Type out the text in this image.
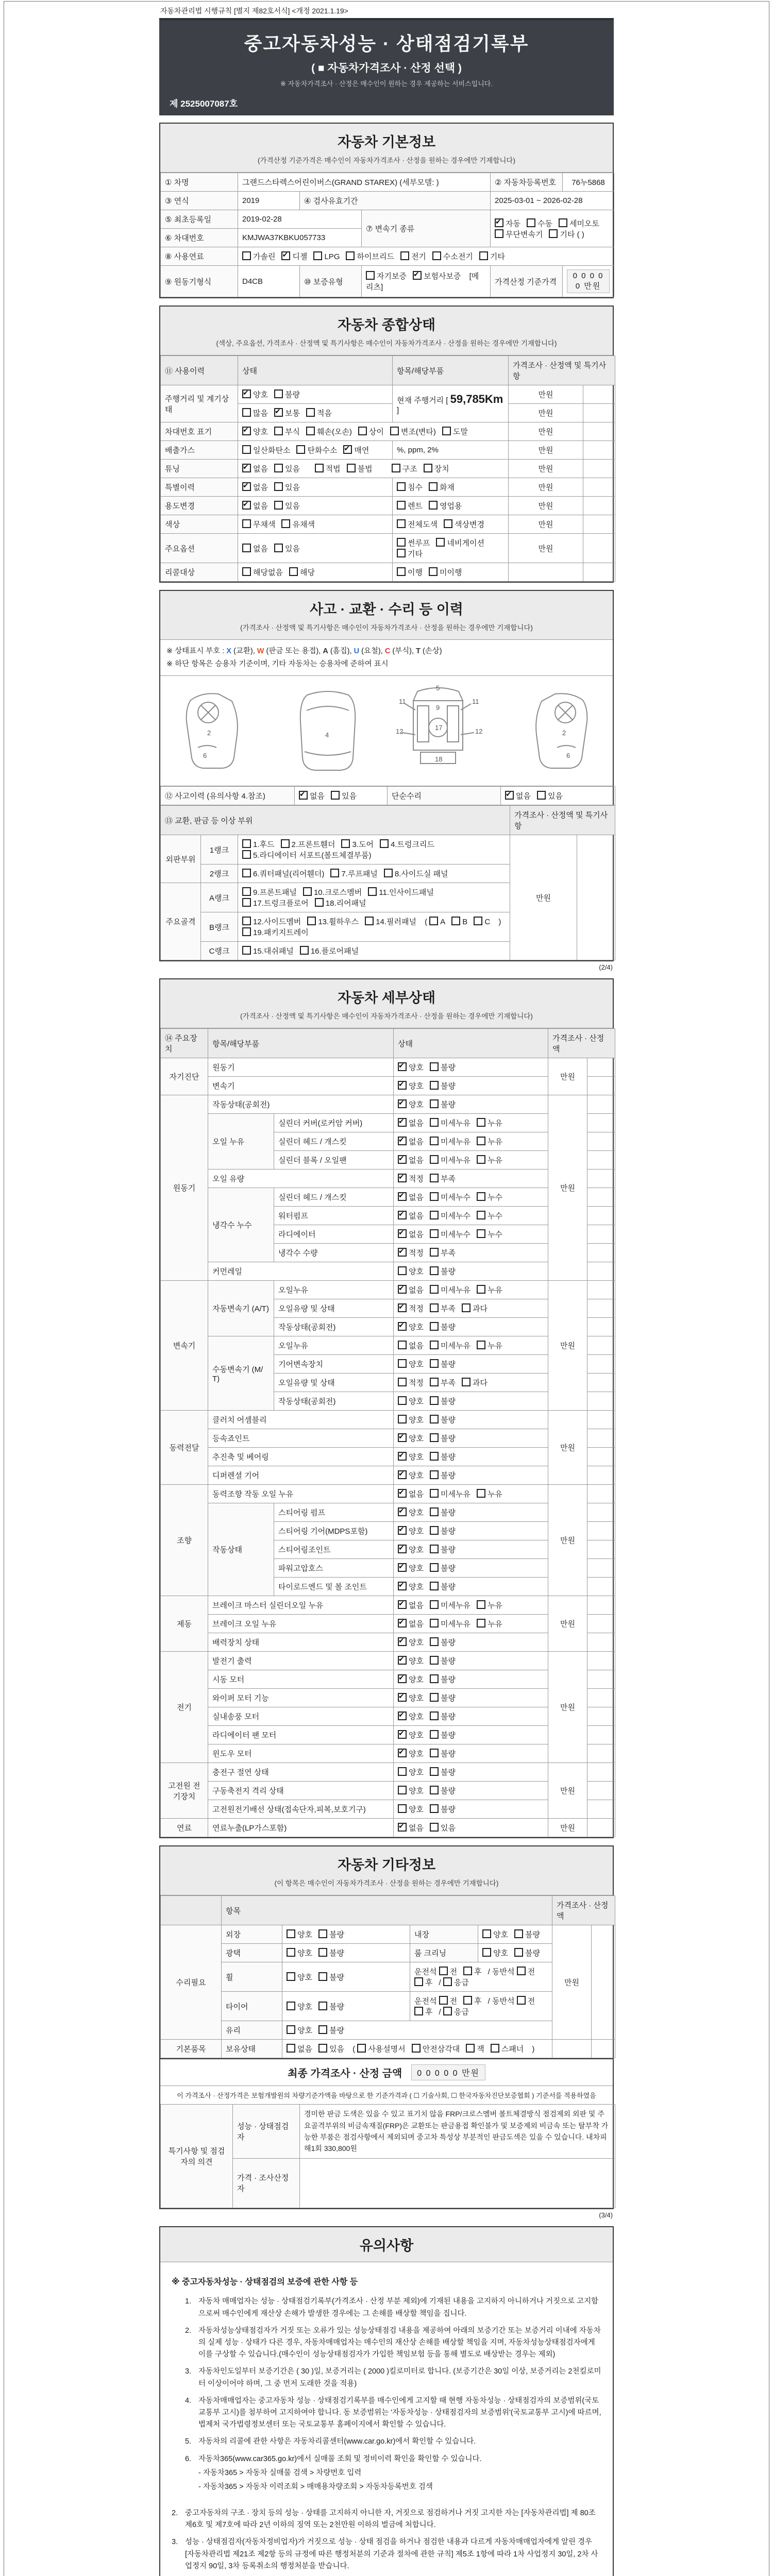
자동차관리법 시행규칙 [별지 제82호서식] <개정 2021.1.19>
중고자동차성능 · 상태점검기록부
( ■ 자동차가격조사 · 산정 선택 )
※ 자동차가격조사 · 산정은 매수인이 원하는 경우 제공하는 서비스입니다.
제 2525007087호
자동차 기본정보
(가격산정 기준가격은 매수인이 자동차가격조사 · 산정을 원하는 경우에만 기재합니다)
① 차명	그랜드스타렉스어린이버스(GRAND STAREX) (세부모델: )			② 자동차등록번호	76누5868
③ 연식	2019	④ 검사유효기간		2025-03-01 ~ 2026-02-28	
⑤ 최초등록일	2019-02-28		⑦ 변속기 종류	✔자동 수동 세미오토
무단변속기 기타 ( )
⑥ 차대번호	KMJWA37KBKU057733				
⑧ 사용연료	가솔린 ✔ 디젤 LPG 하이브리드 전기 수소전기 기타
⑨ 원동기형식	D4CB	⑩ 보증유형	자기보증 ✔ 보험사보증 [메리츠]	가격산정 기준가격	0 0 0 0 0 만원
자동차 종합상태
(색상, 주요옵션, 가격조사 · 산정액 및 특기사항은 매수인이 자동차가격조사 · 산정을 원하는 경우에만 기재합니다)
⑪ 사용이력	상태	항목/해당부품	가격조사 · 산정액 및 특기사항	
주행거리 및 계기상태	✔양호 불량	현재 주행거리 [ 59,785Km ]	만원	
	많음 ✔ 보통 적음		만원	
차대번호 표기	✔양호 부식 훼손(오손) 상이 변조(변타) 도말		만원	
배출가스	일산화탄소 탄화수소 ✔ 매연	%, ppm, 2%	만원	
튜닝	✔없음 있음 적법 불법 구조 장치		만원	
특별이력	✔없음 있음	침수 화재	만원	
용도변경	✔없음 있음	렌트 영업용	만원	
색상	무채색 유채색	전체도색 색상변경	만원	
주요옵션	없음 있음	썬루프 네비게이션기타	만원	
리콜대상	해당없음 해당	이행 미이행		
사고 · 교환 · 수리 등 이력
(가격조사 · 산정액 및 특기사항은 매수인이 자동차가격조사 · 산정을 원하는 경우에만 기재합니다)
※ 상태표시 부호 : X (교환), W (판금 또는 용접), A (흠집), U (요철), C (부식), T (손상)
※ 하단 항목은 승용차 기준이며, 기타 자동차는 승용차에 준하여 표시
2
6
4
5
9
11	11
12	12
17
18
2
6
⑫ 사고이력 (유의사항 4.참조)	✔없음 있음	단순수리	✔없음 있음
⑬ 교환, 판금 등 이상 부위			가격조사 · 산정액 및 특기사항	
외판부위	1랭크	1.후드 2.프론트휀더 3.도어 4.트렁크리드5.라디에이터 서포트(볼트체결부품)	만원	
	2랭크	6.쿼터패널(리어휀더) 7.루프패널 8.사이드실 패널		
주요골격	A랭크	9.프론트패널 10.크로스멤버 11.인사이드패널17.트렁크플로어 18.리어패널		
	B랭크	12.사이드멤버 13.휠하우스 14.필러패널 ( A B C )
19.패키지트레이		
	C랭크	15.대쉬패널 16.플로어패널		
(2/4)
자동차 세부상태
(가격조사 · 산정액 및 특기사항은 매수인이 자동차가격조사 · 산정을 원하는 경우에만 기재합니다)
⑭ 주요장치	항목/해당부품		상태	가격조사 · 산정액	
자기진단	원동기	✔양호 불량	만원	
	변속기	✔양호 불량	
원동기	작동상태(공회전)	✔양호 불량	만원	
	오일 누유	실린더 커버(로커암 커버)	✔없음 미세누유 누유	
		실린더 헤드 / 개스킷	✔없음 미세누유 누유	
		실린더 블록 / 오일팬	✔없음 미세누유 누유	
	오일 유량	✔적정 부족	
	냉각수 누수	실린더 헤드 / 개스킷	✔없음 미세누수 누수	
		워터펌프	✔없음 미세누수 누수	
		라디에이터	✔없음 미세누수 누수	
		냉각수 수량	✔적정 부족	
	커먼레일		양호 불량		
변속기	자동변속기 (A/T)	오일누유	✔없음 미세누유 누유	만원	
		오일유량 및 상태	✔적정 부족 과다	
		작동상태(공회전)	✔양호 불량	
	수동변속기 (M/T)	오일누유	없음 미세누유 누유		
		기어변속장치	양호 불량		
		오일유량 및 상태	적정 부족 과다		
		작동상태(공회전)	양호 불량		
동력전달	클러치 어셈블리		양호 불량	만원	
	등속죠인트	✔양호 불량	
	추진축 및 베어링	✔양호 불량	
	디퍼렌셜 기어	✔양호 불량	
조향	동력조향 작동 오일 누유	✔없음 미세누유 누유	만원	
	작동상태	스티어링 펌프	✔양호 불량	
		스티어링 기어(MDPS포함)	✔양호 불량	
		스티어링조인트	✔양호 불량	
		파워고압호스	✔양호 불량	
		타이로드엔드 및 볼 조인트	✔양호 불량	
제동	브레이크 마스터 실린더오일 누유	✔없음 미세누유 누유	만원	
	브레이크 오일 누유	✔없음 미세누유 누유	
	배력장치 상태	✔양호 불량	
전기	발전기 출력	✔양호 불량	만원	
	시동 모터	✔양호 불량	
	와이퍼 모터 기능	✔양호 불량	
	실내송풍 모터	✔양호 불량	
	라디에이터 팬 모터	✔양호 불량	
	윈도우 모터	✔양호 불량	
고전원 전기장치	충전구 절연 상태		양호 불량	만원	
	구동축전지 격리 상태		양호 불량		
	고전원전기배선 상태(접속단자,피복,보호기구)		양호 불량		
연료	연료누출(LP가스포함)	✔없음 있음	만원	
자동차 기타정보
(이 항목은 매수인이 자동차가격조사 · 산정을 원하는 경우에만 기재합니다)
	항목				가격조사 · 산정액	
수리필요	외장	양호 불량	내장	양호 불량	만원	
	광택	양호 불량	룸 크리닝	양호 불량		
	휠	양호 불량	운전석 전 후 / 동반석 전후 / 응급			
	타이어	양호 불량	운전석 전 후 / 동반석 전후 / 응급			
	유리	양호 불량				
기본품목	보유상태	없음 있음 ( 사용설명서 안전삼각대 잭 스패너 )				
최종 가격조사 · 산정 금액	0 0 0 0 0 만원
이 가격조사 · 산정가격은 보험개발원의 차량기준가액을 바탕으로 한 기준가격과 ( ☐ 기술사회, ☐ 한국자동차진단보증협회 ) 기준서를 적용하였음
특기사항 및 점검자의 의견	성능 · 상태점검자	경미한 판금 도색은 있을 수 있고 표기치 않음 FRP/크로스멤버 볼트체결방식 점검제외 외판 및 주요골격부위의 비금속재질(FRP)은 교환또는 판금용접 확인불가 및 보증제외 비금속 또는 탈부착 가능한 부품은 점검사항에서 제외되며 중고차 특성상 부분적인 판금도색은 있을 수 있습니다. 내차피해1회 330,800원
	가격 · 조사산정자	
(3/4)
유의사항
※ 중고자동차성능 · 상태점검의 보증에 관한 사항 등
1. 자동차 매매업자는 성능 · 상태점검기록부(가격조사 · 산정 부분 제외)에 기재된 내용을 고지하지 아니하거나 거짓으로 고지함으로써 매수인에게 재산상 손해가 발생한 경우에는 그 손해를 배상할 책임을 집니다.
2. 자동차성능상태점검자가 거짓 또는 오류가 있는 성능상태점검 내용을 제공하여 아래의 보증기간 또는 보증거리 이내에 자동차의 실제 성능 · 상태가 다른 경우, 자동차매매업자는 매수인의 재산상 손해를 배상할 책임을 지며, 자동차성능상태점검자에게 이를 구상할 수 있습니다.(매수인이 성능상태점검자가 가입한 책임보험 등을 통해 별도로 배상받는 경우는 제외)
3. 자동차인도일부터 보증기간은 ( 30 )일, 보증거리는 ( 2000 )킬로미터로 합니다. (보증기간은 30일 이상, 보증거리는 2천킬로미터 이상이어야 하며, 그 중 먼저 도래한 것을 적용)
4. 자동차매매업자는 중고자동차 성능 · 상태점검기록부를 매수인에게 고지할 때 현행 자동차성능 · 상태점검자의 보증범위(국토교통부 고시)를 첨부하여 고지하여야 합니다. 동 보증범위는 '자동차성능 · 상태점검자의 보증범위'(국토교통부 고시)에 따르며, 법제처 국가법령정보센터 또는 국토교통부 홈페이지에서 확인할 수 있습니다.
5. 자동차의 리콜에 관한 사항은 자동차리콜센터(www.car.go.kr)에서 확인할 수 있습니다.
6. 자동차365(www.car365.go.kr)에서 실매물 조회 및 정비이력 확인을 확인할 수 있습니다.
- 자동차365 > 자동차 실매물 검색 > 차량번호 입력
- 자동차365 > 자동차 이력조회 > 매매용차량조회 > 자동차등록번호 검색
2. 중고자동차의 구조 · 장치 등의 성능 · 상태를 고지하지 아니한 자, 거짓으로 점검하거나 거짓 고지한 자는 [자동차관리법] 제 80조 제6호 및 제7호에 따라 2년 이하의 징역 또는 2천만원 이하의 벌금에 처합니다.
3. 성능 · 상태점검자(자동차정비업자)가 거짓으로 성능 · 상태 점검을 하거나 점검한 내용과 다르게 자동차매매업자에게 알린 경우 [자동차관리법 제21조 제2항 등의 규정에 따른 행정처분의 기준과 절차에 관한 규칙] 제5조 1항에 따라 1차 사업정지 30일, 2차 사업정지 90일, 3차 등록취소의 행정처분을 받습니다.
